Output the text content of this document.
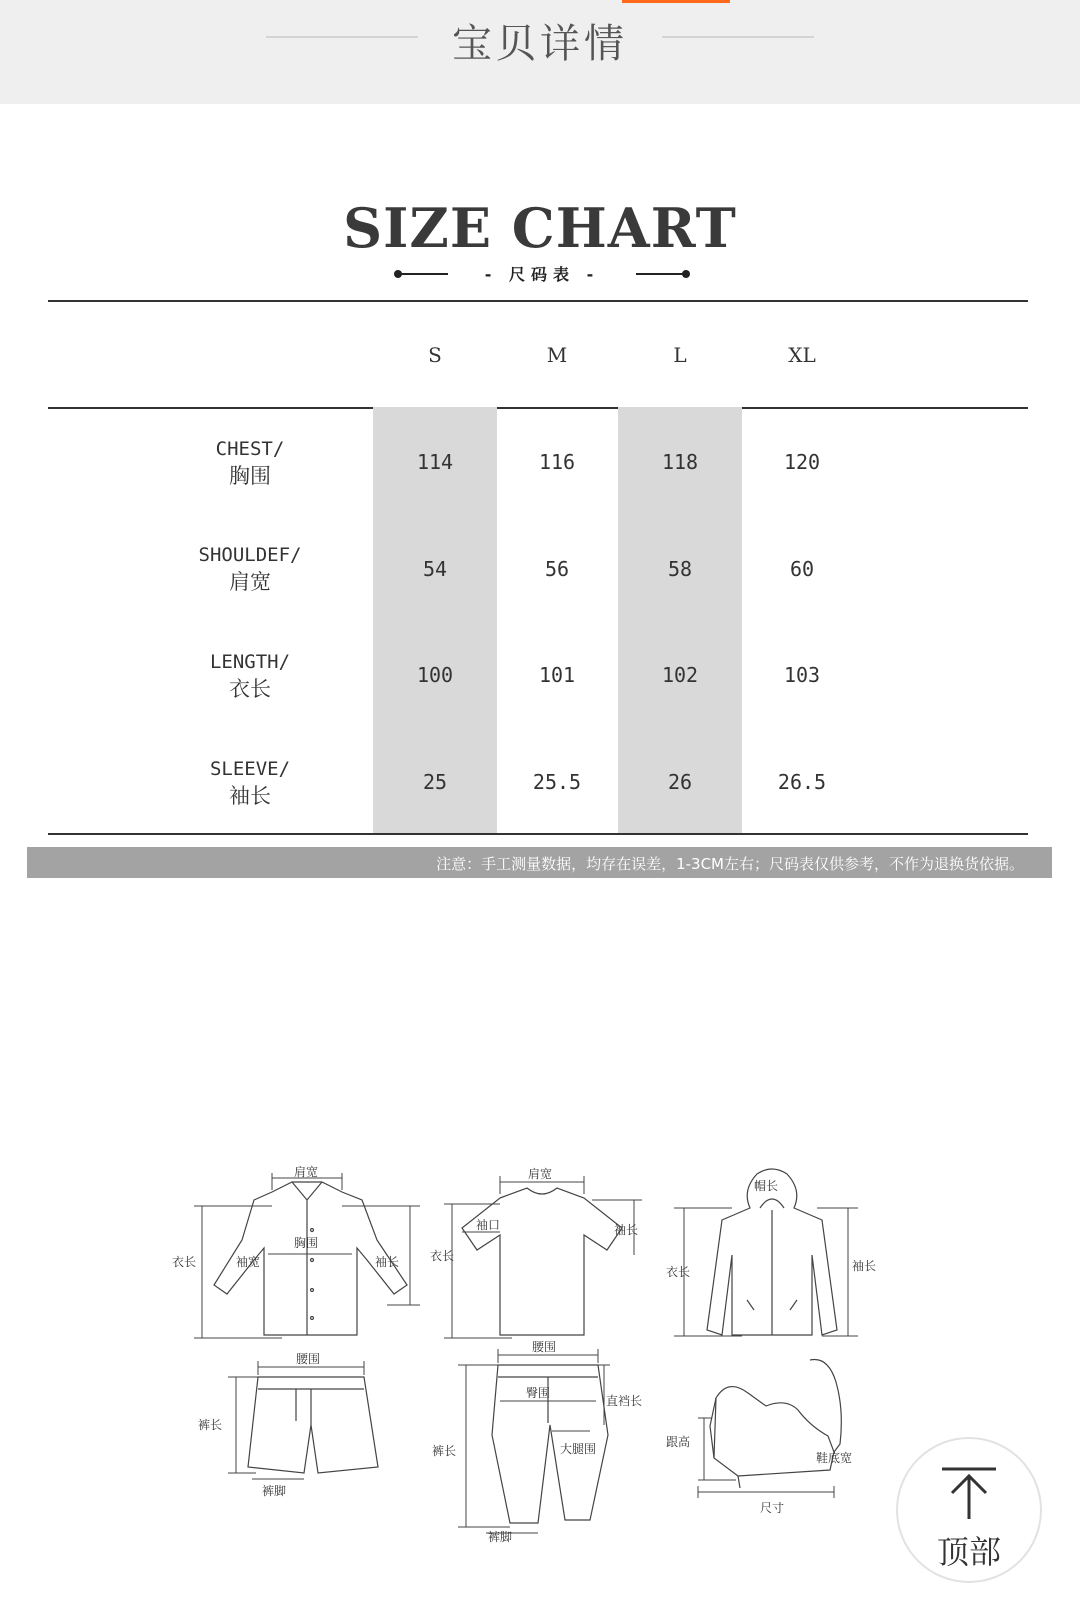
宝贝详情
SIZE CHART
- 尺码表 -
S	M	L	XL
CHEST/
胸围
114	116	118	120
SHOULDEF/
肩宽
54	56	58	60
LENGTH/
衣长
100	101	102	103
SLEEVE/
袖长
25	25.5	26	26.5
注意：手工测量数据，均存在误差，1-3CM左右；尺码表仅供参考，不作为退换货依据。
肩宽
胸围
衣长	袖宽	袖长
肩宽
袖口
衣长
袖长
帽长
衣长	袖长
腰围
裤长
裤脚
腰围
臀围
直裆长
裤长	大腿围
裤脚
跟高
鞋底宽
尺寸
顶部
